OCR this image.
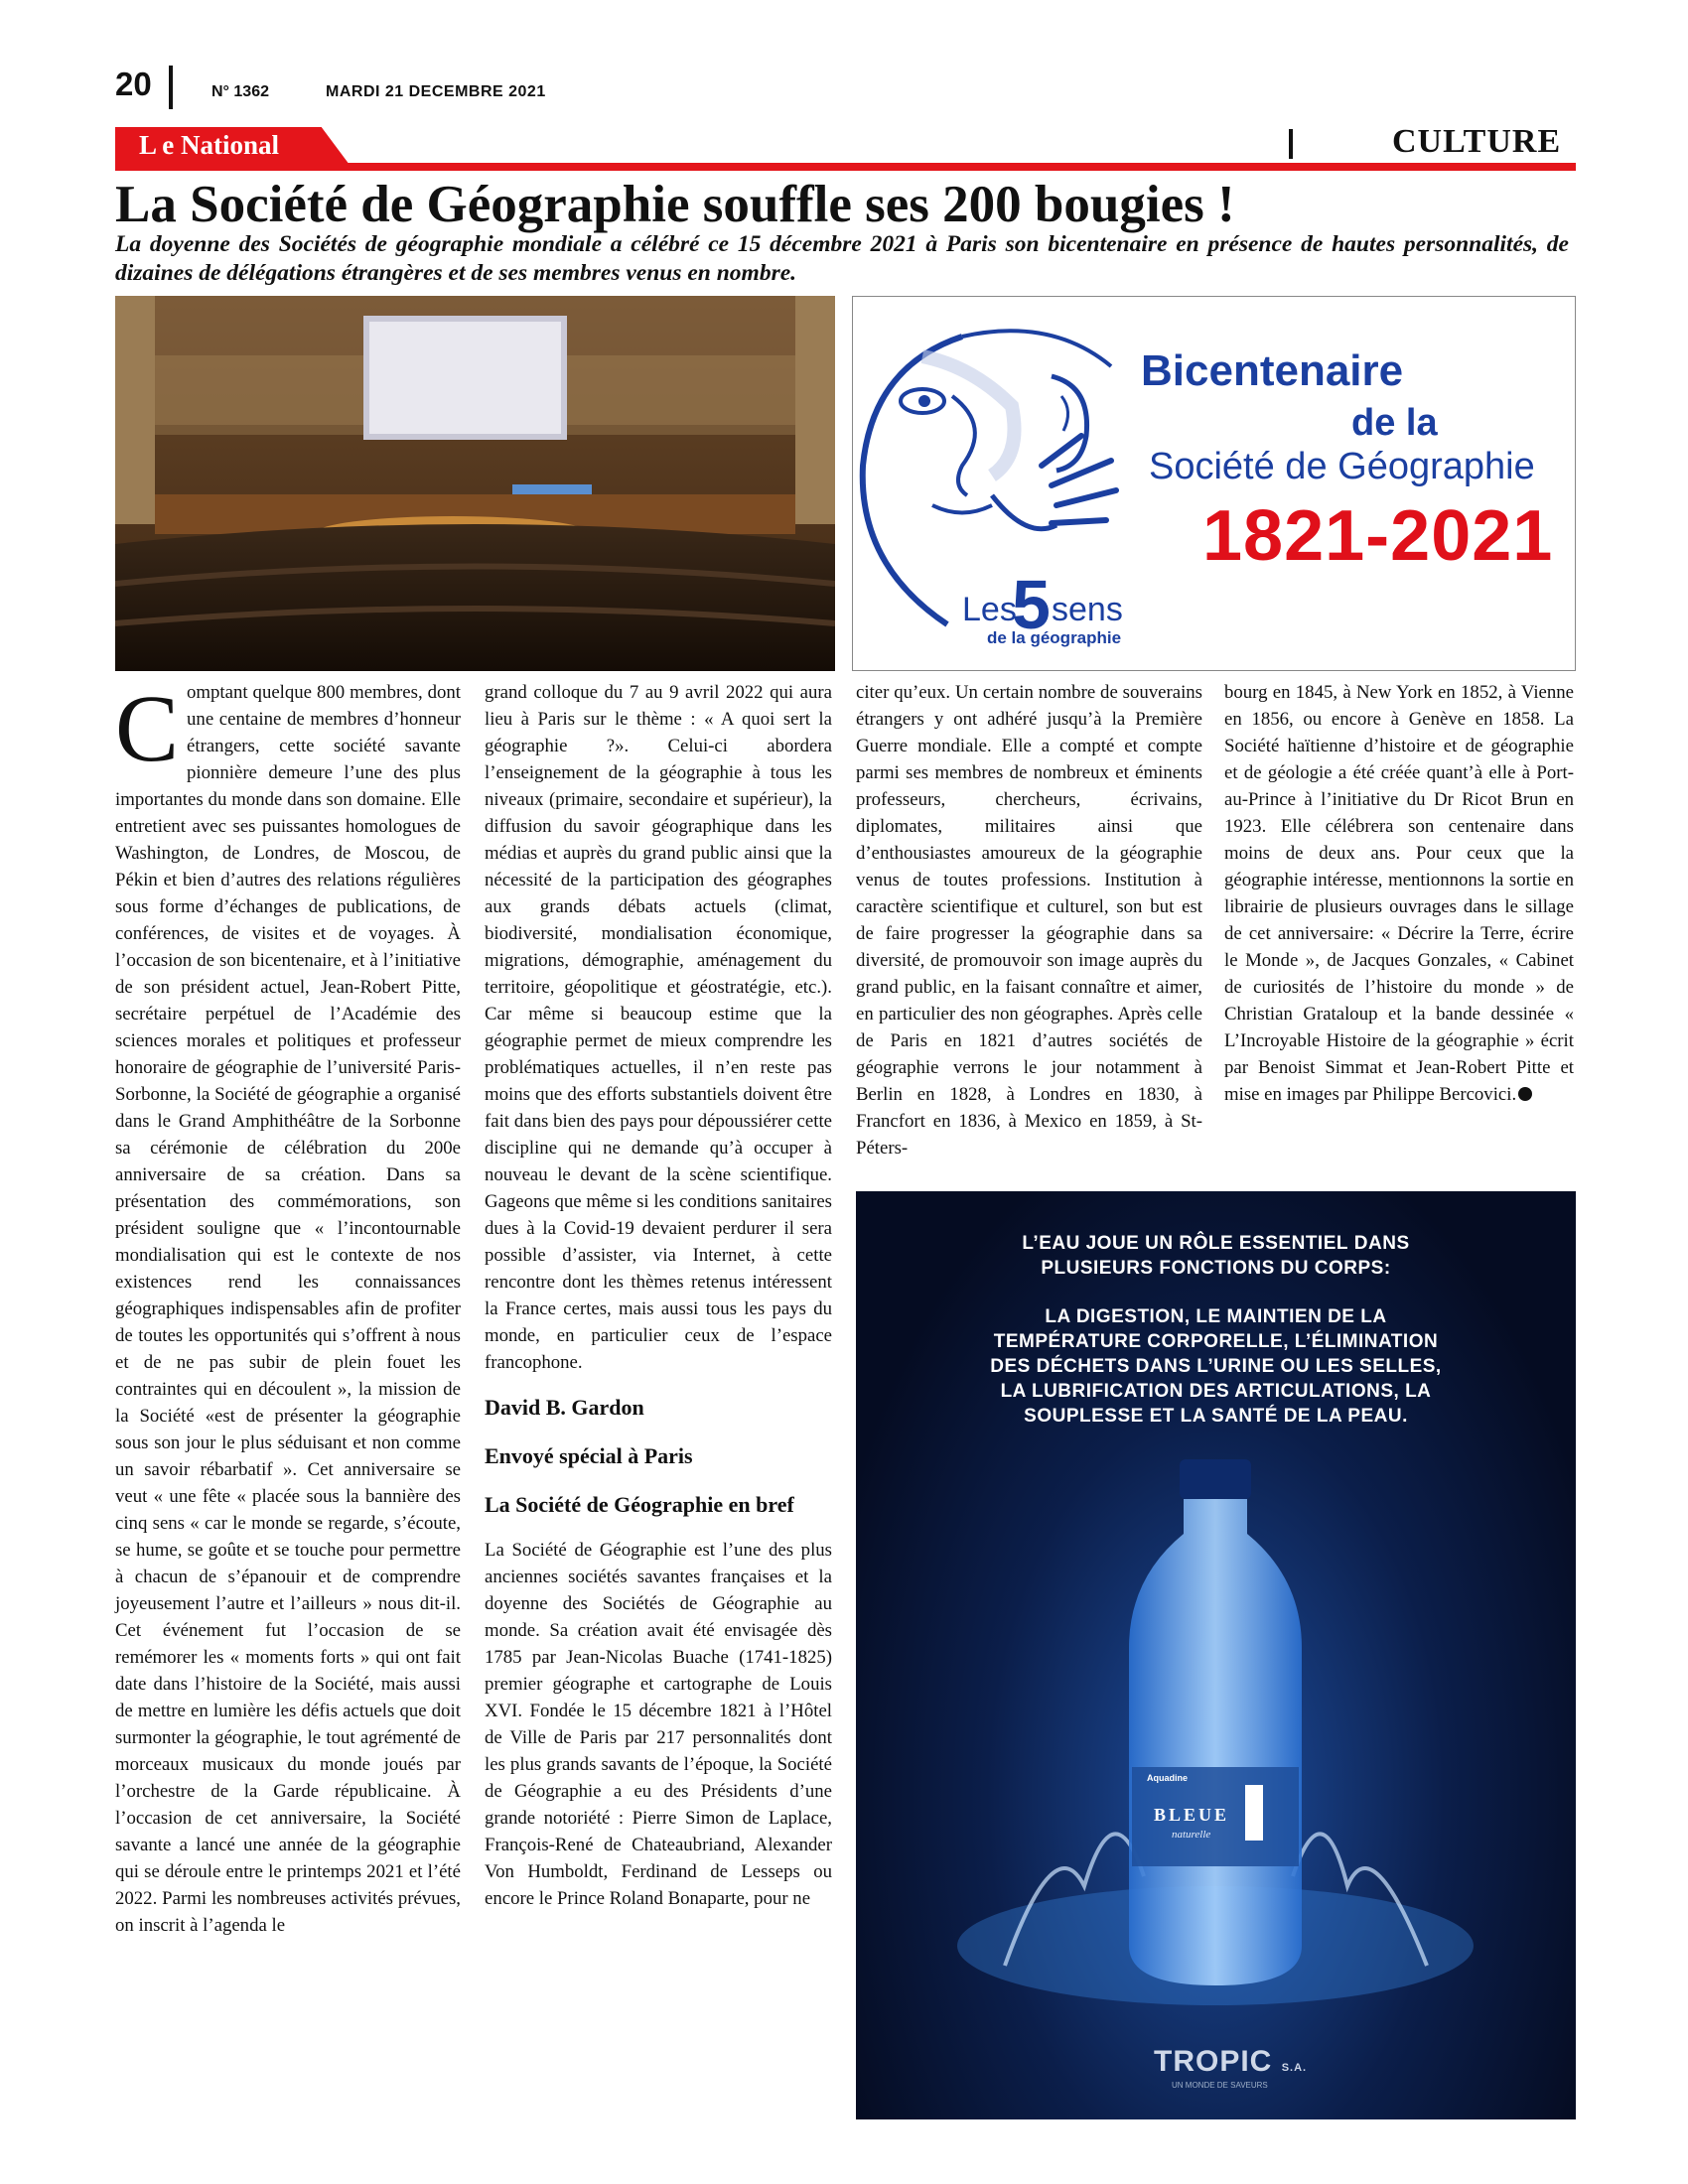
20	N° 1362	MARDI 21 DECEMBRE 2021
L e National	CULTURE
La Société de Géographie souffle ses 200 bougies !
La doyenne des Sociétés de géographie mondiale a célébré ce 15 décembre 2021 à Paris son bicentenaire en présence de hautes personnalités, de dizaines de délégations étrangères et de ses membres venus en nombre.
Bicentenaire
de la
Société de Géographie
1821-2021
Les
5 sens
de la géographie

Comptant quelque 800 membres, dont une centaine de membres d’honneur étrangers, cette société savante pionnière demeure l’une des plus importantes du monde dans son domaine. Elle entretient avec ses puissantes homologues de Washington, de Londres, de Moscou, de Pékin et bien d’autres des relations régulières sous forme d’échanges de publications, de conférences, de visites et de voyages. À l’occasion de son bicentenaire, et à l’initiative de son président actuel, Jean-Robert Pitte, secrétaire perpétuel de l’Académie des sciences morales et politiques et professeur honoraire de géographie de l’université Paris-Sorbonne, la Société de géographie a organisé dans le Grand Amphithéâtre de la Sorbonne sa cérémonie de célébration du 200e anniversaire de sa création. Dans sa présentation des commémorations, son président souligne que « l’incontournable mondialisation qui est le contexte de nos existences rend les connaissances géographiques indispensables afin de profiter de toutes les opportunités qui s’offrent à nous et de ne pas subir de plein fouet les contraintes qui en découlent », la mission de la Société «est de présenter la géographie sous son jour le plus séduisant et non comme un savoir rébarbatif ». Cet anniversaire se veut « une fête « placée sous la bannière des cinq sens « car le monde se regarde, s’écoute, se hume, se goûte et se touche pour permettre à chacun de s’épanouir et de comprendre joyeusement l’autre et l’ailleurs » nous dit-il. Cet événement fut l’occasion de se remémorer les « moments forts » qui ont fait date dans l’histoire de la Société, mais aussi de mettre en lumière les défis actuels que doit surmonter la géographie, le tout agrémenté de morceaux musicaux du monde joués par l’orchestre de la Garde républicaine. À l’occasion de cet anniversaire, la Société savante a lancé une année de la géographie qui se déroule entre le printemps 2021 et l’été 2022. Parmi les nombreuses activités prévues, on inscrit à l’agenda le

grand colloque du 7 au 9 avril 2022 qui aura lieu à Paris sur le thème : « A quoi sert la géographie ?». Celui-ci abordera l’enseignement de la géographie à tous les niveaux (primaire, secondaire et supérieur), la diffusion du savoir géographique dans les médias et auprès du grand public ainsi que la nécessité de la participation des géographes aux grands débats actuels (climat, biodiversité, mondialisation économique, migrations, démographie, aménagement du territoire, géopolitique et géostratégie, etc.). Car même si beaucoup estime que la géographie permet de mieux comprendre les problématiques actuelles, il n’en reste pas moins que des efforts substantiels doivent être fait dans bien des pays pour dépoussiérer cette discipline qui ne demande qu’à occuper à nouveau le devant de la scène scientifique. Gageons que même si les conditions sanitaires dues à la Covid-19 devaient perdurer il sera possible d’assister, via Internet, à cette rencontre dont les thèmes retenus intéressent la France certes, mais aussi tous les pays du monde, en particulier ceux de l’espace francophone.

David B. Gardon

Envoyé spécial à Paris

La Société de Géographie en bref

La Société de Géographie est l’une des plus anciennes sociétés savantes françaises et la doyenne des Sociétés de Géographie au monde. Sa création avait été envisagée dès 1785 par Jean-Nicolas Buache (1741-1825) premier géographe et cartographe de Louis XVI. Fondée le 15 décembre 1821 à l’Hôtel de Ville de Paris par 217 personnalités dont les plus grands savants de l’époque, la Société de Géographie a eu des Présidents d’une grande notoriété : Pierre Simon de Laplace, François-René de Chateaubriand, Alexander Von Humboldt, Ferdinand de Lesseps ou encore le Prince Roland Bonaparte, pour ne

citer qu’eux. Un certain nombre de souverains étrangers y ont adhéré jusqu’à la Première Guerre mondiale. Elle a compté et compte parmi ses membres de nombreux et éminents professeurs, chercheurs, écrivains, diplomates, militaires ainsi que d’enthousiastes amoureux de la géographie venus de toutes professions. Institution à caractère scientifique et culturel, son but est de faire progresser la géographie dans sa diversité, de promouvoir son image auprès du grand public, en la faisant connaître et aimer, en particulier des non géographes. Après celle de Paris en 1821 d’autres sociétés de géographie verrons le jour notamment à Berlin en 1828, à Londres en 1830, à Francfort en 1836, à Mexico en 1859, à St-Péters-

bourg en 1845, à New York en 1852, à Vienne en 1856, ou encore à Genève en 1858. La Société haïtienne d’histoire et de géographie et de géologie a été créée quant’à elle à Port-au-Prince à l’initiative du Dr Ricot Brun en 1923. Elle célébrera son centenaire dans moins de deux ans. Pour ceux que la géographie intéresse, mentionnons la sortie en librairie de plusieurs ouvrages dans le sillage de cet anniversaire: « Décrire la Terre, écrire le Monde », de Jacques Gonzales, « Cabinet de curiosités de l’histoire du monde » de Christian Grataloup et la bande dessinée « L’Incroyable Histoire de la géographie » écrit par Benoist Simmat et Jean-Robert Pitte et mise en images par Philippe Bercovici.

L’EAU JOUE UN RÔLE ESSENTIEL DANS
PLUSIEURS FONCTIONS DU CORPS:
LA DIGESTION, LE MAINTIEN DE LA
TEMPÉRATURE CORPORELLE, L’ÉLIMINATION
DES DÉCHETS DANS L’URINE OU LES SELLES,
LA LUBRIFICATION DES ARTICULATIONS, LA
SOUPLESSE ET LA SANTÉ DE LA PEAU.
Aquadine
BLEUE
naturelle
TROPIC S.A.
UN MONDE DE SAVEURS
